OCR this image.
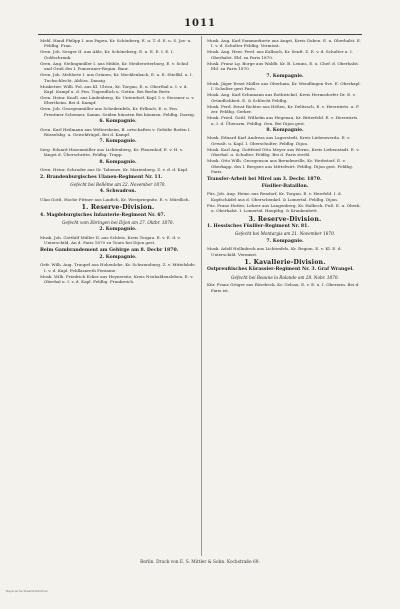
1011
Mehl. Hand Philipp I. aus Papen, Kr. Schönberg, E. u. T. d. E. u. S. Jas- u. Feldbg. Fran.
Gren. Joh. Seeger II. aus Ahle, Kr. Schöneberg, E. u. E. E. I. E. I. Goldschrank.
Gren. Aug. Stelingmüller I. aus Mühle, Kr. Meiderotterburg, E. v. Schul und Gruß des I. Pomeraner-Regim. Baur.
Gren. Joh. Mehlorte I. aus Grünen, Kr. Mecklenbach, E. u. E. Stießkl. u. I. Tuchschlecht. Ablöss. Danzig.
Musketier. Willi. Pol. aus Kl. Ulrica, Kr. Torgau, E. u. Oberthal u. I. v. d. Kapl. Kampf u. d. Pen. Tugendlich u. Gettin. Bei Berlin Bertr.
Gren. Heinr. Knoll. aus Lindenberg, Kr. Untendorf, Kapl. l. v. Stessner u. v. Ebertheim. Bei d. Kampf.
Gren. Joh. Georgenmüller aus Scheibenfels, Kr. Erlbach, E. u. Pen. Prentiner Schwmer, Samm. Seiden hünsten Bei bäumen. Feldbg. Darzig.
6. Kompagnie.
Gren. Karl Heilmann aus Weltersheim, B. ortschaften v. Gebühr Boden I. Rüsselsbg. u. Gewehfrügel, Bei d. Kampf.
7. Kompagnie.
Serg. Eduard Hasenmüller aus Lichtenberg, Kr. Plauenhof, E. v. H. v. längst d. Überschritte, Feldbg. Trapp.
8. Kompagnie.
Gren. Heinr. Schrader aus Gr. Tabenze, Kr. Marienberg. Z. v. d. d. Kapl.
2. Brandenburgisches Ulanen-Regiment Nr. 11.
Gefecht bei Bellême am 22. November 1870.
4. Schwadron.
Ulan Gottl. Hoche Fittner aus Laufich, Kr. Westpriegnitz. E. v. Mürdlich.
1. Reserve-Division.
4. Magdeburgisches Infanterie-Regiment Nr. 67.
Gefecht vom Ebringen bei Dijon am 27. Oktbr. 1870.
2. Kompagnie.
Musk. Joh. Gotthilf Müller II. aus Schleiz, Kreis Torgau. E. v. E. d. v. Unterschild, An d. Paris 1870 zu Tours bei Dijon gest.
Beim Gambrandement am Gebirge am 8. Decbr 1870.
2. Kompagnie.
Gefr. Wilh. Aug. Traupel aus Hohenlohe, Kr. Schwarzburg. Z. v. Mittelsbde. I. v. d. Kapl. Feldlazareth Fontaine.
Musk. Wilh. Friedrich Ecker aus Heynersitz, Kreis Neuhaldensleben, E. v. Oberhal u. I. v. d. Kapl. Feldbg. Frankreich.
Musk. Aug. Karl Sommerkorte aus Angst, Kreis Guben. E. u. Oberhalst. E. I. v. d. Schulter Feldbg. Vermisst.
Musk. Aug. Heer. Ferd. aus Kalbach, Kr. Senft. Z. E. v. d. Schulter u. I. Oberhalst. Ebl. zu Paris 1870.
Musk. Franz Lg. Borge aus Waldb. Kr. B. Lenins, E. u. Chef. d. Oberhalst. Ebl. zu Paris 1870.
7. Kompagnie.
Musk. Jäger Ernst Müller aus Oberhain, Kr. Wendlingen Sve. E. Oberkapl. I. Schulter gest Paris.
Musk. Aug. Karl Schumann aus Rothwickel, Kreis Hermsdorfer Dr. E. v. Gründlichkeit. E. & Schlecht Feldbg.
Musk. Ferd. Ernst Richter aus Hößen, Kr. Delitzsch, E. v. Herzwärts. u. F. zer. Feldbg. Gerker.
Musk. Fried. Gottl. Wilhelm aus Hegenau, Kr. Bitterfeld. E. v. Herzwärts. u. I. d. Überarm. Feldbg. Oen. Bei Dijon gest.
8. Kompagnie.
Musk. Eduard Karl Andreas aus Lagerstedt, Kreis Liebenwerda. E. v. Gewalt. u. Kapl. I. Oberschulter. Feldbg. Dijon.
Musk. Karl Aug. Gottfried Otto Meyer aus Werne, Kreis Liebenstadt. E. v. Oberhal. u. Schulter. Feldbg. Bei d. Paris sterbl.
Musk. Otto Wilh. Georgenson aus Brendenville, Kr. Herbstorf. E. v. Oberkapp. des I. Bergsee aus Mittelwirt. Feldbg. Dijon gest. Feldbg. Paris.
Transfer-Arbeit bei Mirel am 3. Decbr. 1870.
Füsilier-Bataillon.
Füs. Joh. Aug. Heinr. aus Rendorf, Kr. Torgau. E. v. Herrfeld. I. d. Kopfschädel aus d. Oberschenkel. & Lomertal. Feldbg. Dijon.
Füs. Franz Hutter, Lehrer aus Langenberg, Kr. Halbeck. Fuß. E. u. Oberk. u. Oberhalst. I. Lomertal. Hauptbg. & Krankenbett.
3. Reserve-Division.
1. Hessisches Füsilier-Regiment Nr. 81.
Gefecht bei Montargis am 21. November 1870.
7. Kompagnie.
Musk. Adolf Hollinbeck aus Lichtenfels, Kr. Region. E. v. Kl. E. d. Unterschild. Vermisst.
1. Kavallerie-Division.
Ostpreußisches Kürassier-Regiment Nr. 3. Graf Wrangel.
Gefecht bei Beaune la Rolande am 28. Nobr. 1870.
Kür. Franz Grüger aus Rösebeck, Kr. Gelsau, E. v. E. u. I. Oberarm. Bei d. Paris ist.
Berlin. Druck von E. S. Mittler & Sohn. Kochstraße 69.
Bayerische Staatsbibliothek
